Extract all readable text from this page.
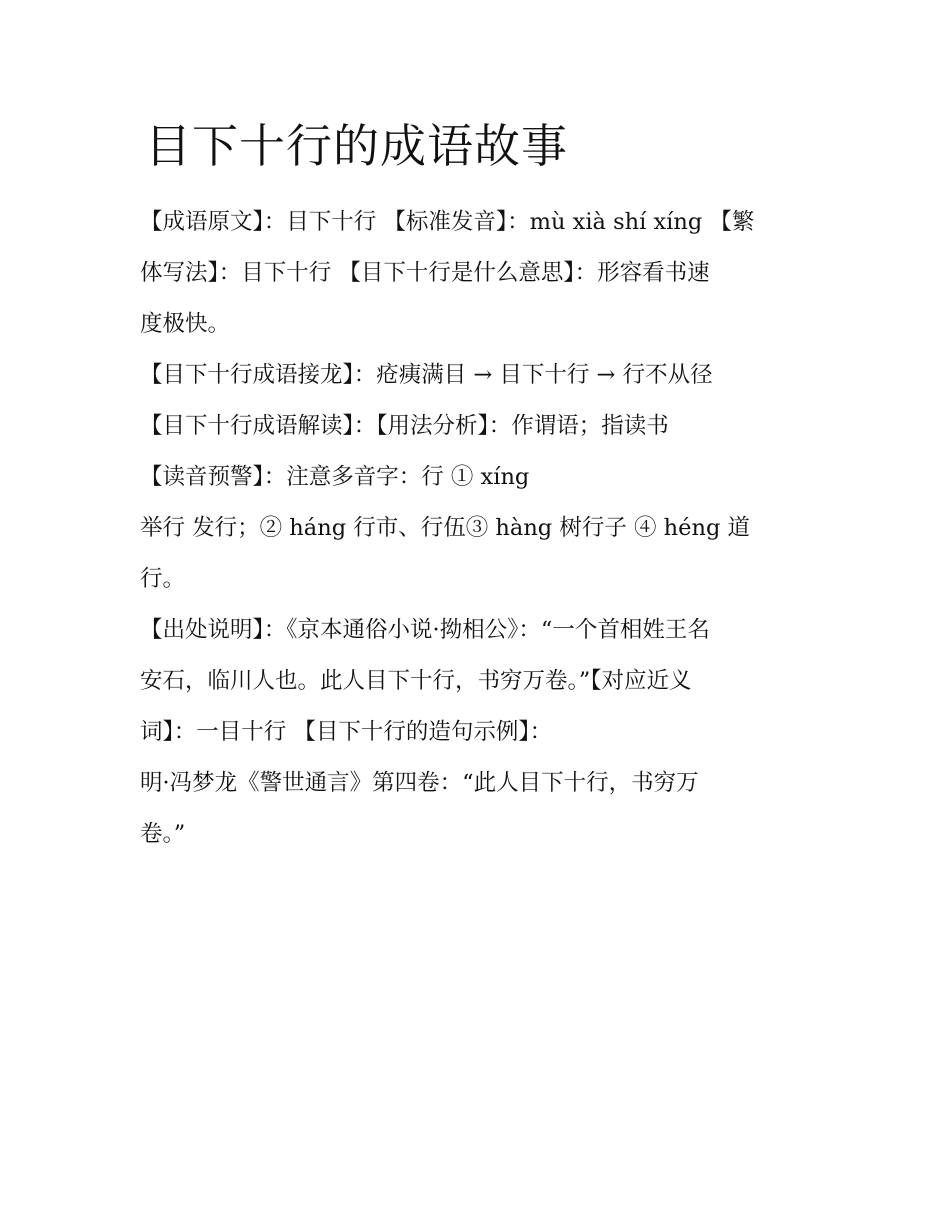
目下十行的成语故事
【成语原文】：目下十行 【标准发音】：mù xià shí xíng 【繁
体写法】：目下十行 【目下十行是什么意思】：形容看书速
度极快。
【目下十行成语接龙】：疮痍满目 → 目下十行 → 行不从径
【目下十行成语解读】：【用法分析】：作谓语；指读书
【读音预警】：注意多音字：行 ① xíng
举行 发行；② háng 行市、行伍③ hàng 树行子 ④ héng 道
行。
【出处说明】：《京本通俗小说·拗相公》：“一个首相姓王名
安石，临川人也。此人目下十行，书穷万卷。”【对应近义
词】：一目十行 【目下十行的造句示例】：
明·冯梦龙《警世通言》第四卷：“此人目下十行，书穷万
卷。”
